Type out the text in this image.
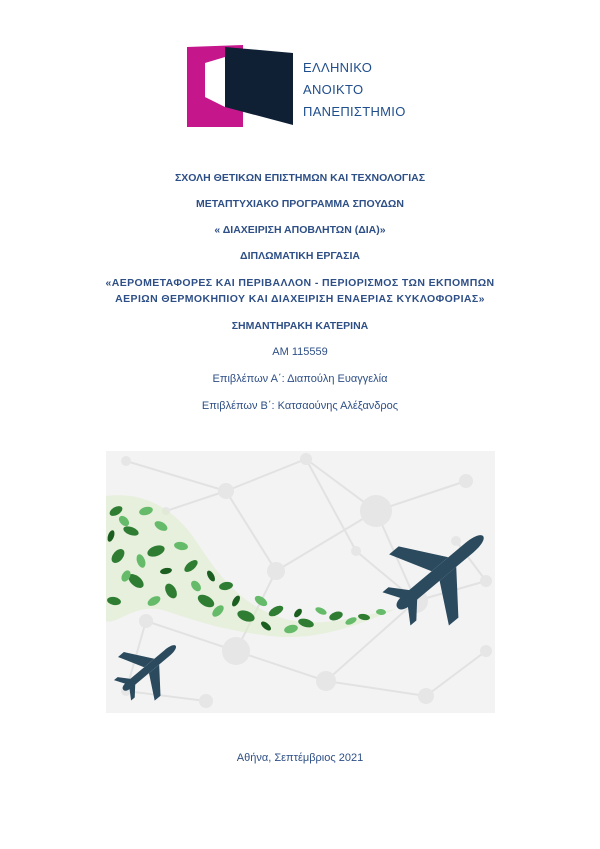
ΕΛΛΗΝΙΚΟ
ΑΝΟΙΚΤΟ
ΠΑΝΕΠΙΣΤΗΜΙΟ
ΣΧΟΛΗ ΘΕΤΙΚΩΝ ΕΠΙΣΤΗΜΩΝ ΚΑΙ ΤΕΧΝΟΛΟΓΙΑΣ
ΜΕΤΑΠΤΥΧΙΑΚΟ ΠΡΟΓΡΑΜΜΑ ΣΠΟΥΔΩΝ
« ΔΙΑΧΕΙΡΙΣΗ ΑΠΟΒΛΗΤΩΝ (ΔΙΑ)»
ΔΙΠΛΩΜΑΤΙΚΗ ΕΡΓΑΣΙΑ
«ΑΕΡΟΜΕΤΑΦΟΡΕΣ ΚΑΙ ΠΕΡΙΒΑΛΛΟΝ - ΠΕΡΙΟΡΙΣΜΟΣ ΤΩΝ ΕΚΠΟΜΠΩΝ
ΑΕΡΙΩΝ ΘΕΡΜΟΚΗΠΙΟΥ ΚΑΙ ΔΙΑΧΕΙΡΙΣΗ ΕΝΑΕΡΙΑΣ ΚΥΚΛΟΦΟΡΙΑΣ»
ΣΗΜΑΝΤΗΡΑΚΗ ΚΑΤΕΡΙΝΑ
ΑΜ 115559
Επιβλέπων Α΄: Διαπούλη Ευαγγελία
Επιβλέπων Β΄: Κατσαούνης Αλέξανδρος
Αθήνα, Σεπτέμβριος 2021
